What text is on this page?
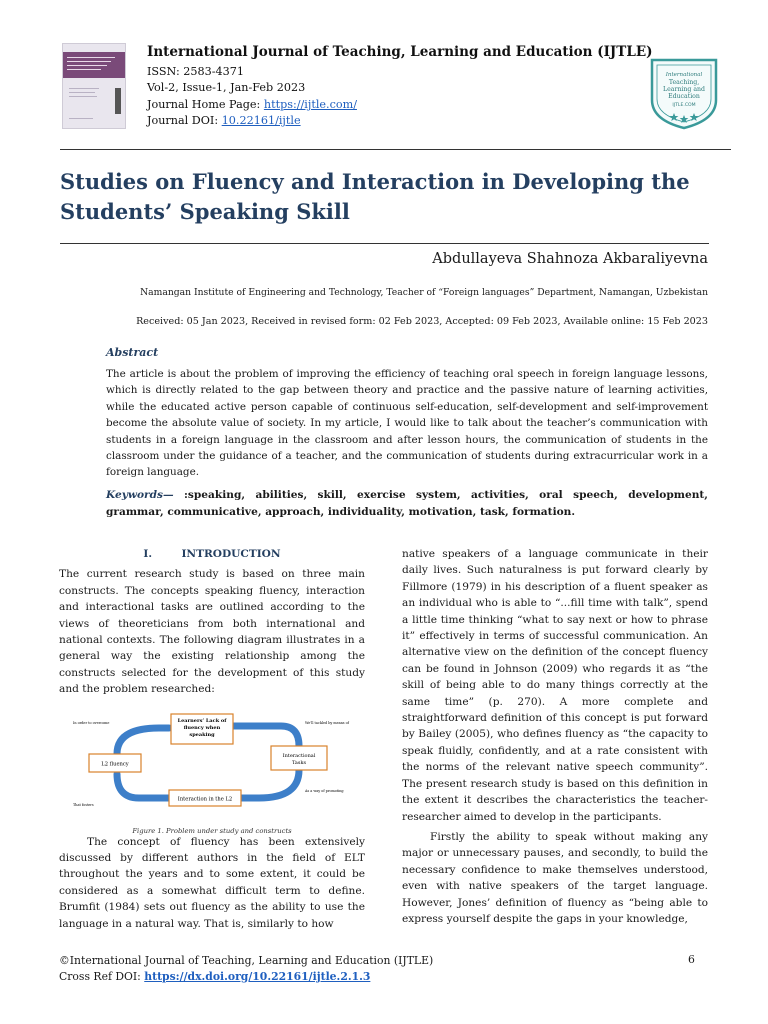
International Journal of Teaching, Learning and Education (IJTLE)
ISSN: 2583-4371
Vol-2, Issue-1, Jan-Feb 2023
Journal Home Page: https://ijtle.com/
Journal DOI: 10.22161/ijtle
International
Teaching,
Learning and
Education
IJTLE.COM
Studies on Fluency and Interaction in Developing the
Students’ Speaking Skill
Abdullayeva Shahnoza Akbaraliyevna
Namangan Institute of Engineering and Technology, Teacher of “Foreign languages” Department, Namangan, Uzbekistan
Received: 05 Jan 2023, Received in revised form: 02 Feb 2023, Accepted: 09 Feb 2023, Available online: 15 Feb 2023
Abstract
The article is about the problem of improving the efficiency of teaching oral speech in foreign language lessons, which is directly related to the gap between theory and practice and the passive nature of learning activities, while the educated active person capable of continuous self-education, self-development and self-improvement become the absolute value of society. In my article, I would like to talk about the teacher’s communication with students in a foreign language in the classroom and after lesson hours, the communication of students in the classroom under the guidance of a teacher, and the communication of students during extracurricular work in a foreign language.
Keywords— :speaking, abilities, skill, exercise system, activities, oral speech, development, grammar, communicative, approach, individuality, motivation, task, formation.
I.	INTRODUCTION

The current research study is based on three main constructs. The concepts speaking fluency, interaction and interactional tasks are outlined according to the views of theoreticians from both international and national contexts. The following diagram illustrates in a general way the existing relationship among the constructs selected for the development of this study and the problem researched:

Learners’ Lack of
fluency when
speaking
Interactional
Tasks
L2 fluency
Interaction in the L2
In order to overcome	We’ll tackled by means of
That fosters
As a way of promoting
Figure 1. Problem under study and constructs

The concept of fluency has been extensively discussed by different authors in the field of ELT throughout the years and to some extent, it could be considered as a somewhat difficult term to define. Brumfit (1984) sets out fluency as the ability to use the language in a natural way. That is, similarly to how

native speakers of a language communicate in their daily lives. Such naturalness is put forward clearly by Fillmore (1979) in his description of a fluent speaker as an individual who is able to “...fill time with talk”, spend a little time thinking “what to say next or how to phrase it” effectively in terms of successful communication. An alternative view on the definition of the concept fluency can be found in Johnson (2009) who regards it as “the skill of being able to do many things correctly at the same time” (p. 270). A more complete and straightforward definition of this concept is put forward by Bailey (2005), who defines fluency as “the capacity to speak fluidly, confidently, and at a rate consistent with the norms of the relevant native speech community”. The present research study is based on this definition in the extent it describes the characteristics the teacher-researcher aimed to develop in the participants.

Firstly the ability to speak without making any major or unnecessary pauses, and secondly, to build the necessary confidence to make themselves understood, even with native speakers of the target language. However, Jones’ definition of fluency as “being able to express yourself despite the gaps in your knowledge,

©International Journal of Teaching, Learning and Education (IJTLE)
Cross Ref DOI: https://dx.doi.org/10.22161/ijtle.2.1.3
6
